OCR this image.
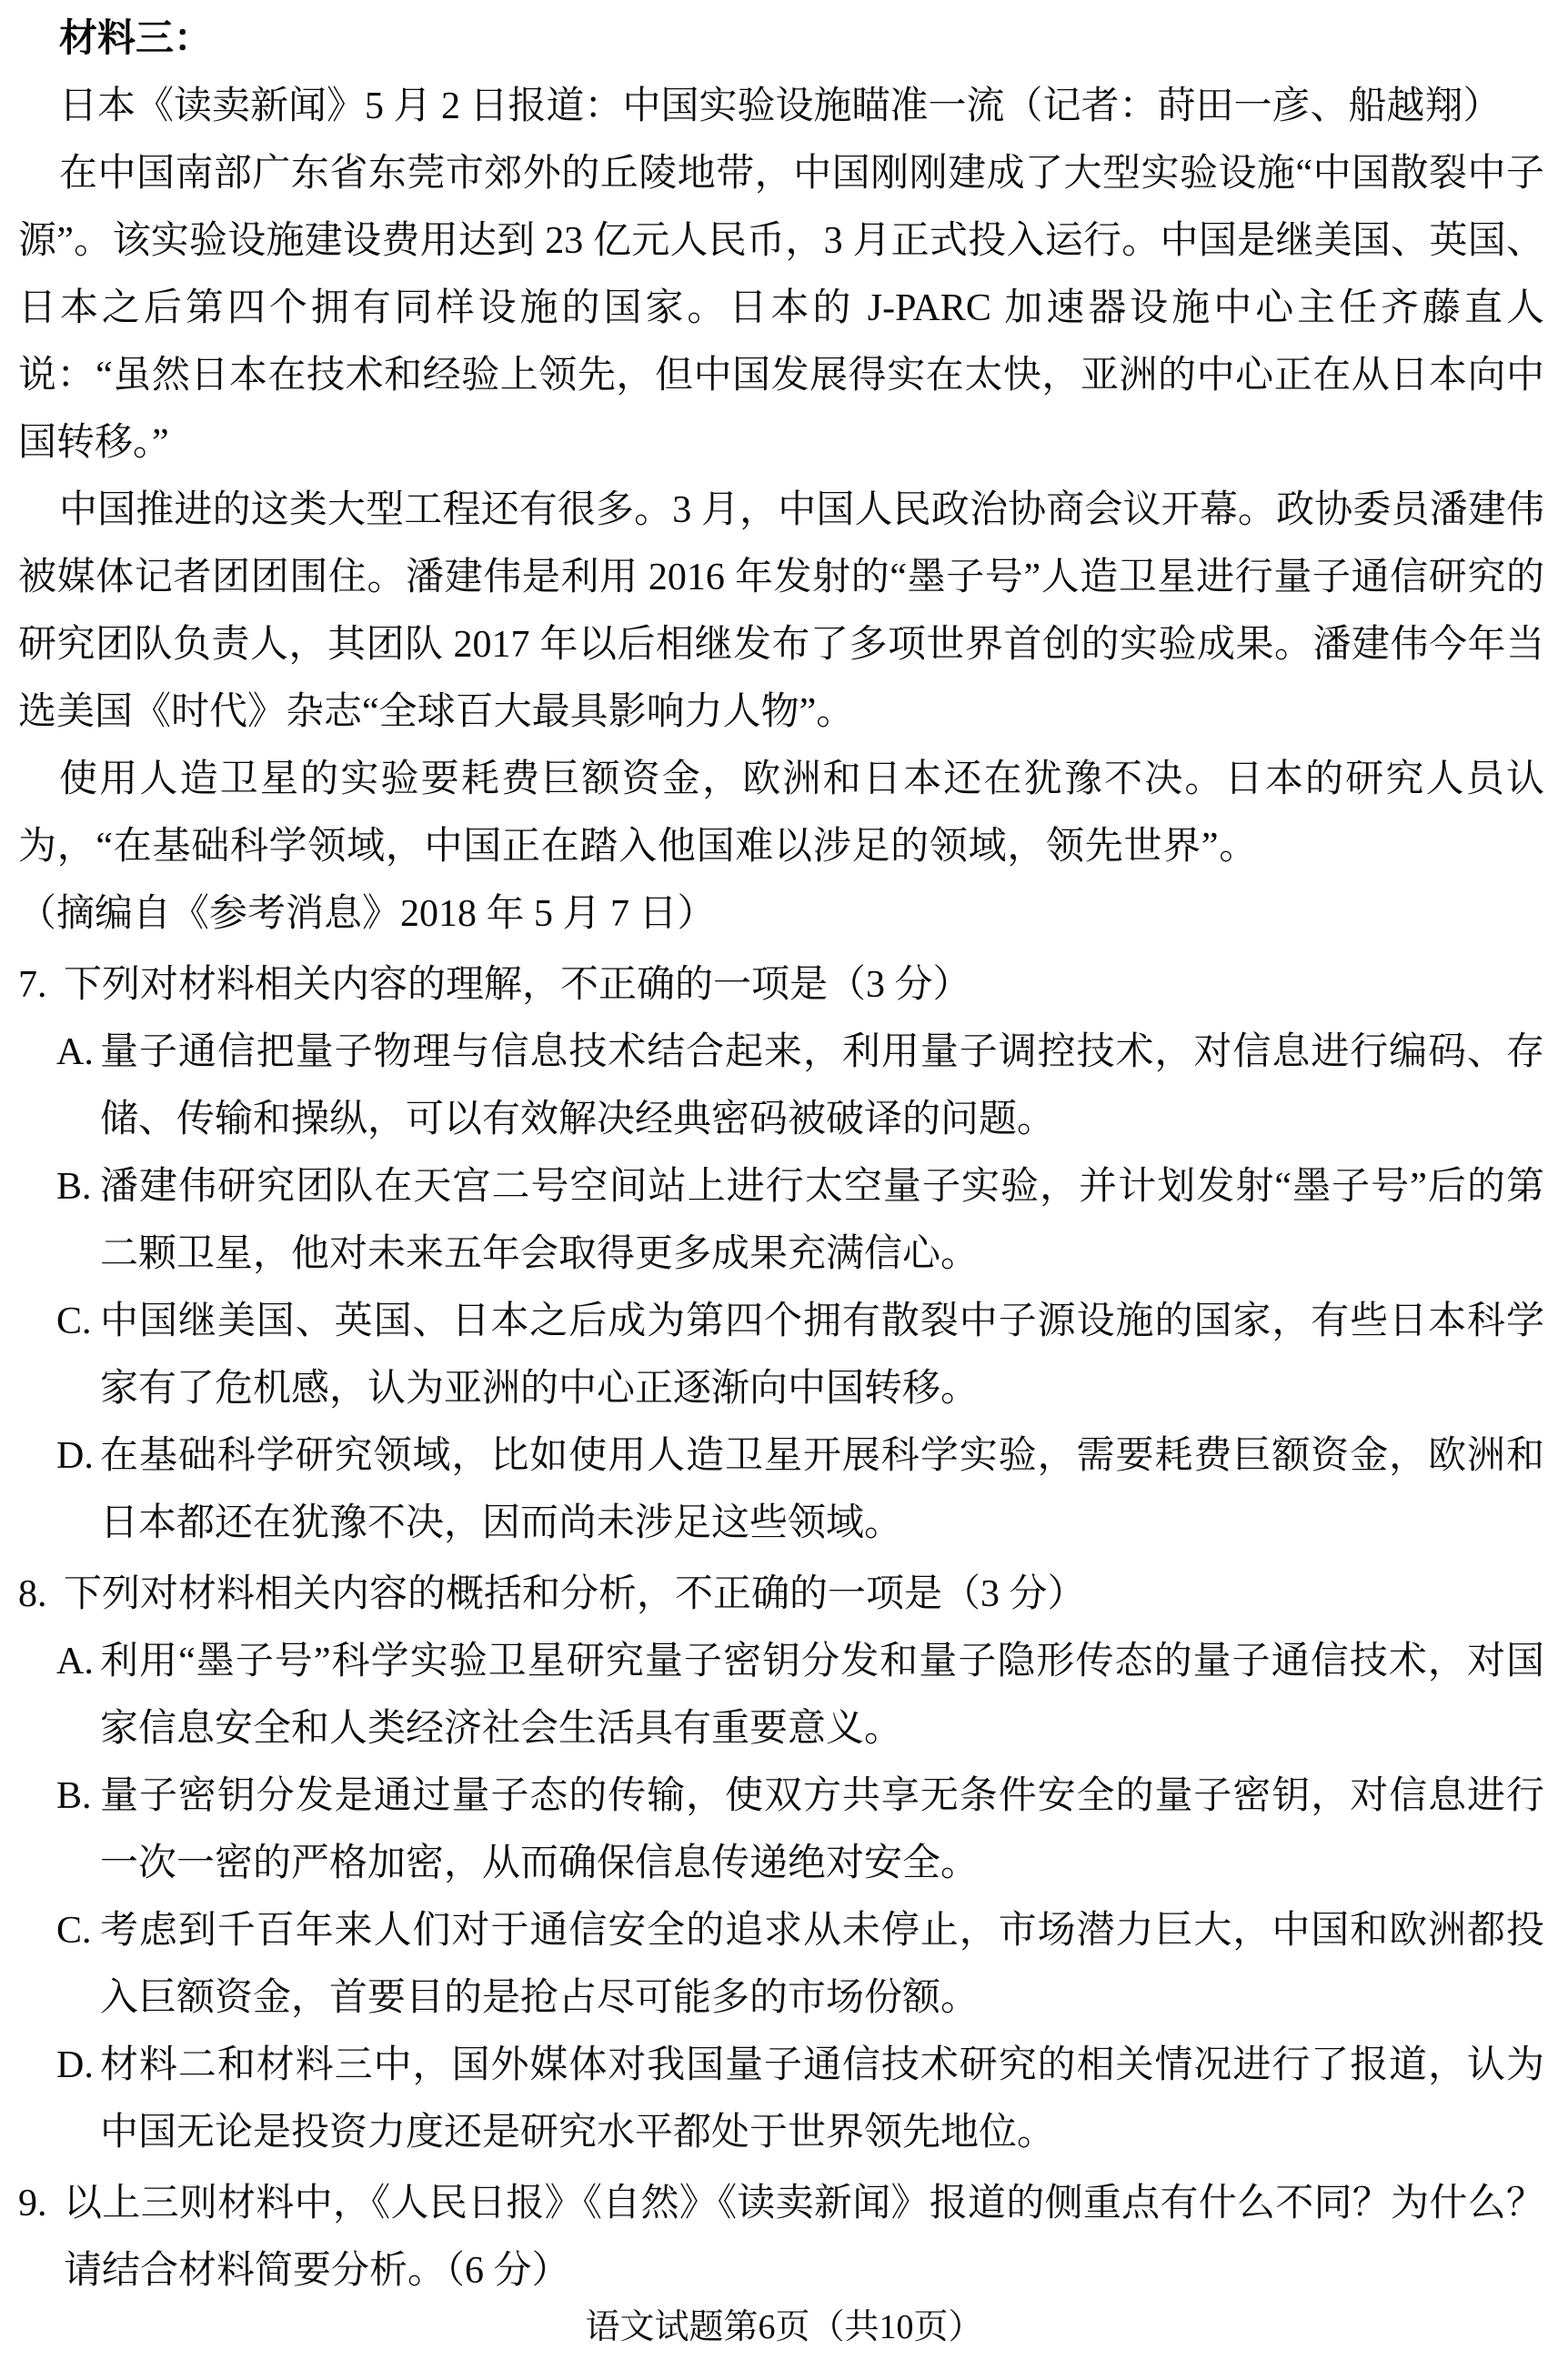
材料三：

日本《读卖新闻》5 月 2 日报道：中国实验设施瞄准一流（记者：莳田一彦、船越翔）

在中国南部广东省东莞市郊外的丘陵地带，中国刚刚建成了大型实验设施“中国散裂中子源”。该实验设施建设费用达到 23 亿元人民币，3 月正式投入运行。中国是继美国、英国、日本之后第四个拥有同样设施的国家。日本的 J-PARC 加速器设施中心主任齐藤直人说：“虽然日本在技术和经验上领先，但中国发展得实在太快，亚洲的中心正在从日本向中国转移。”

中国推进的这类大型工程还有很多。3 月，中国人民政治协商会议开幕。政协委员潘建伟被媒体记者团团围住。潘建伟是利用 2016 年发射的“墨子号”人造卫星进行量子通信研究的研究团队负责人，其团队 2017 年以后相继发布了多项世界首创的实验成果。潘建伟今年当选美国《时代》杂志“全球百大最具影响力人物”。

使用人造卫星的实验要耗费巨额资金，欧洲和日本还在犹豫不决。日本的研究人员认为，“在基础科学领域，中国正在踏入他国难以涉足的领域，领先世界”。（摘编自《参考消息》2018 年 5 月 7 日）

7. 下列对材料相关内容的理解，不正确的一项是（3 分）
A. 量子通信把量子物理与信息技术结合起来，利用量子调控技术，对信息进行编码、存储、传输和操纵，可以有效解决经典密码被破译的问题。
B. 潘建伟研究团队在天宫二号空间站上进行太空量子实验，并计划发射“墨子号”后的第二颗卫星，他对未来五年会取得更多成果充满信心。
C. 中国继美国、英国、日本之后成为第四个拥有散裂中子源设施的国家，有些日本科学家有了危机感，认为亚洲的中心正逐渐向中国转移。
D. 在基础科学研究领域，比如使用人造卫星开展科学实验，需要耗费巨额资金，欧洲和日本都还在犹豫不决，因而尚未涉足这些领域。
8. 下列对材料相关内容的概括和分析，不正确的一项是（3 分）
A. 利用“墨子号”科学实验卫星研究量子密钥分发和量子隐形传态的量子通信技术，对国家信息安全和人类经济社会生活具有重要意义。
B. 量子密钥分发是通过量子态的传输，使双方共享无条件安全的量子密钥，对信息进行一次一密的严格加密，从而确保信息传递绝对安全。
C. 考虑到千百年来人们对于通信安全的追求从未停止，市场潜力巨大，中国和欧洲都投入巨额资金，首要目的是抢占尽可能多的市场份额。
D. 材料二和材料三中，国外媒体对我国量子通信技术研究的相关情况进行了报道，认为中国无论是投资力度还是研究水平都处于世界领先地位。
9. 以上三则材料中，《人民日报》《自然》《读卖新闻》报道的侧重点有什么不同？为什么？请结合材料简要分析。（6 分）
语文试题第6页（共10页）
